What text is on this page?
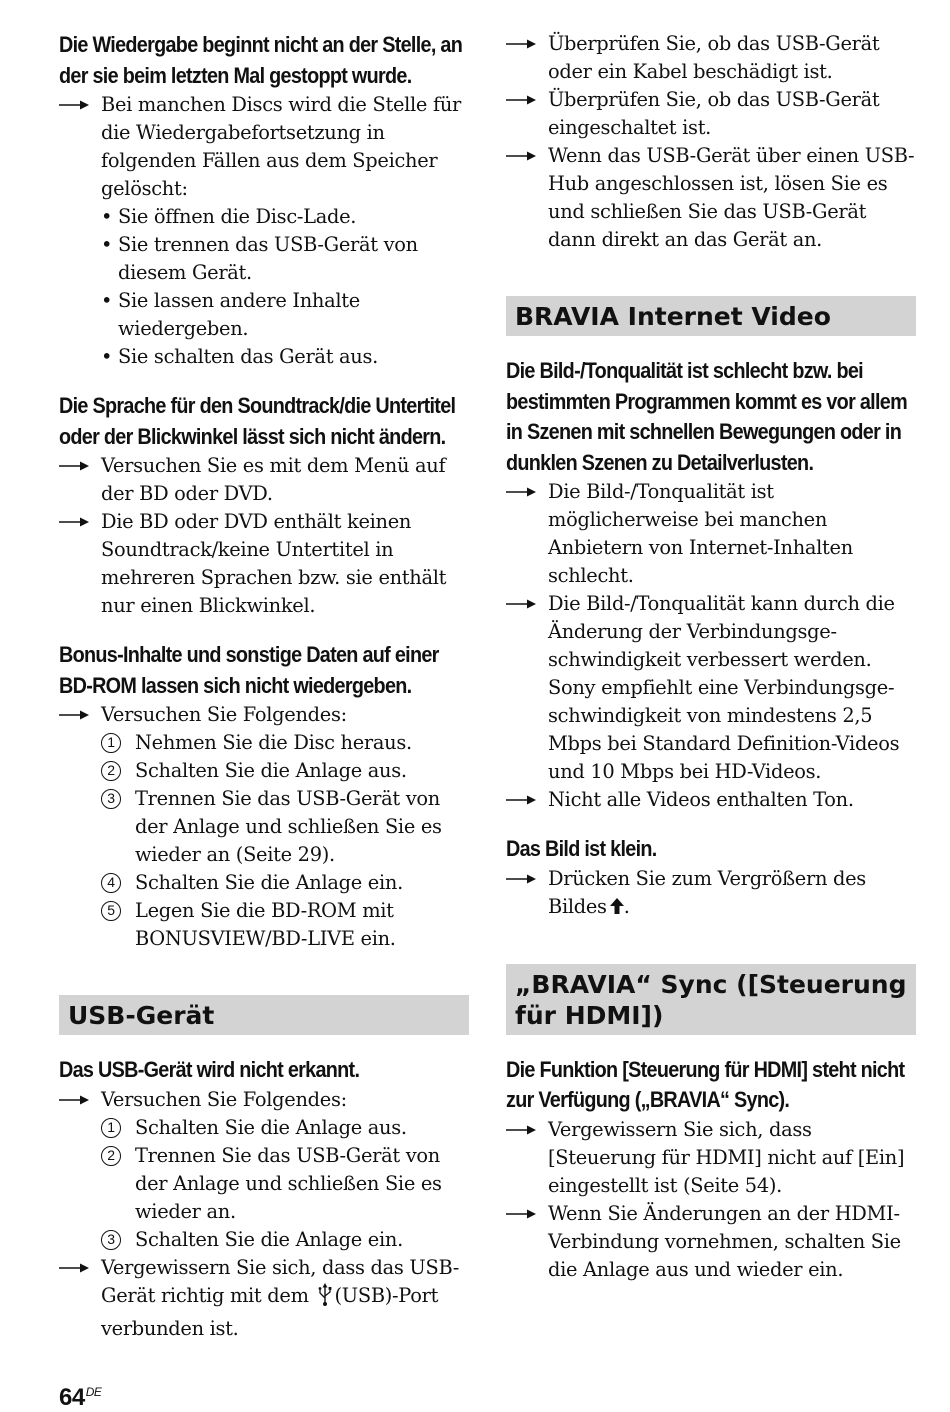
Die Wiedergabe beginnt nicht an der Stelle, an der sie beim letzten Mal gestoppt wurde.
Bei manchen Discs wird die Stelle für die Wiedergabefortsetzung in folgenden Fällen aus dem Speicher gelöscht:
• Sie öffnen die Disc-Lade.
• Sie trennen das USB-Gerät von diesem Gerät.
• Sie lassen andere Inhalte wiedergeben.
• Sie schalten das Gerät aus.
Die Sprache für den Soundtrack/die Untertitel oder der Blickwinkel lässt sich nicht ändern.
Versuchen Sie es mit dem Menü auf der BD oder DVD.
Die BD oder DVD enthält keinen Soundtrack/keine Untertitel in mehreren Sprachen bzw. sie enthält nur einen Blickwinkel.
Bonus-Inhalte und sonstige Daten auf einer BD-ROM lassen sich nicht wiedergeben.
Versuchen Sie Folgendes:
1	Nehmen Sie die Disc heraus.
2	Schalten Sie die Anlage aus.
3	Trennen Sie das USB-Gerät von der Anlage und schließen Sie es wieder an (Seite 29).
4	Schalten Sie die Anlage ein.
5	Legen Sie die BD-ROM mit BONUSVIEW/BD-LIVE ein.
USB-Gerät
Das USB-Gerät wird nicht erkannt.
Versuchen Sie Folgendes:
1	Schalten Sie die Anlage aus.
2	Trennen Sie das USB-Gerät von der Anlage und schließen Sie es wieder an.
3	Schalten Sie die Anlage ein.
Vergewissern Sie sich, dass das USB-Gerät richtig mit dem (USB)-Port verbunden ist.
Überprüfen Sie, ob das USB-Gerät oder ein Kabel beschädigt ist.
Überprüfen Sie, ob das USB-Gerät eingeschaltet ist.
Wenn das USB-Gerät über einen USB-Hub angeschlossen ist, lösen Sie es und schließen Sie das USB-Gerät dann direkt an das Gerät an.
BRAVIA Internet Video
Die Bild-/Tonqualität ist schlecht bzw. bei bestimmten Programmen kommt es vor allem in Szenen mit schnellen Bewegungen oder in dunklen Szenen zu Detailverlusten.
Die Bild-/Tonqualität ist möglicherweise bei manchen Anbietern von Internet-Inhalten schlecht.
Die Bild-/Tonqualität kann durch die Änderung der Verbindungsgeschwindigkeit verbessert werden. Sony empfiehlt eine Verbindungsgeschwindigkeit von mindestens 2,5 Mbps bei Standard Definition-Videos und 10 Mbps bei HD-Videos.
Nicht alle Videos enthalten Ton.
Das Bild ist klein.
Drücken Sie zum Vergrößern des Bildes .
„BRAVIA“ Sync ([Steuerung für HDMI])
Die Funktion [Steuerung für HDMI] steht nicht zur Verfügung („BRAVIA“ Sync).
Vergewissern Sie sich, dass [Steuerung für HDMI] nicht auf [Ein] eingestellt ist (Seite 54).
Wenn Sie Änderungen an der HDMI-Verbindung vornehmen, schalten Sie die Anlage aus und wieder ein.
64DE
